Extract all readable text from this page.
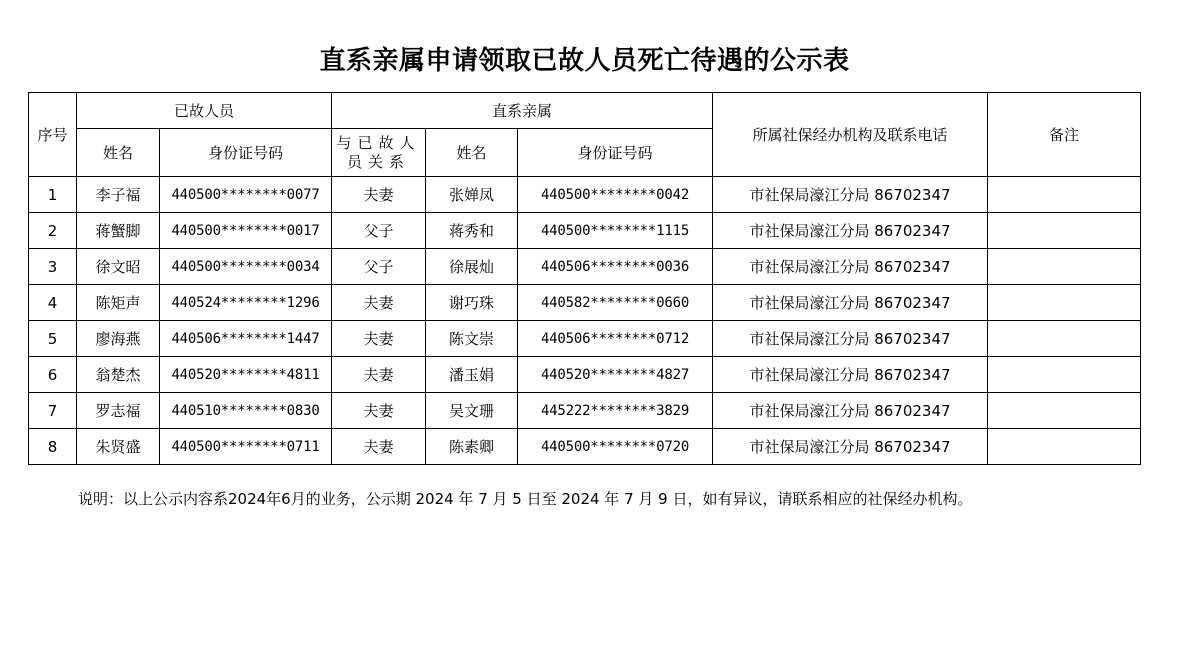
直系亲属申请领取已故人员死亡待遇的公示表
序号	已故人员		直系亲属			所属社保经办机构及联系电话	备注
	姓名	身份证号码	与已故人员关系	姓名	身份证号码		
1	李子福	440500********0077	夫妻	张婵凤	440500********0042	市社保局濠江分局 86702347	
2	蒋蟹脚	440500********0017	父子	蒋秀和	440500********1115	市社保局濠江分局 86702347	
3	徐文昭	440500********0034	父子	徐展灿	440506********0036	市社保局濠江分局 86702347	
4	陈矩声	440524********1296	夫妻	谢巧珠	440582********0660	市社保局濠江分局 86702347	
5	廖海燕	440506********1447	夫妻	陈文崇	440506********0712	市社保局濠江分局 86702347	
6	翁楚杰	440520********4811	夫妻	潘玉娟	440520********4827	市社保局濠江分局 86702347	
7	罗志福	440510********0830	夫妻	吴文珊	445222********3829	市社保局濠江分局 86702347	
8	朱贤盛	440500********0711	夫妻	陈素卿	440500********0720	市社保局濠江分局 86702347	
说明：以上公示内容系2024年6月的业务，公示期 2024 年 7 月 5 日至 2024 年 7 月 9 日，如有异议，请联系相应的社保经办机构。
